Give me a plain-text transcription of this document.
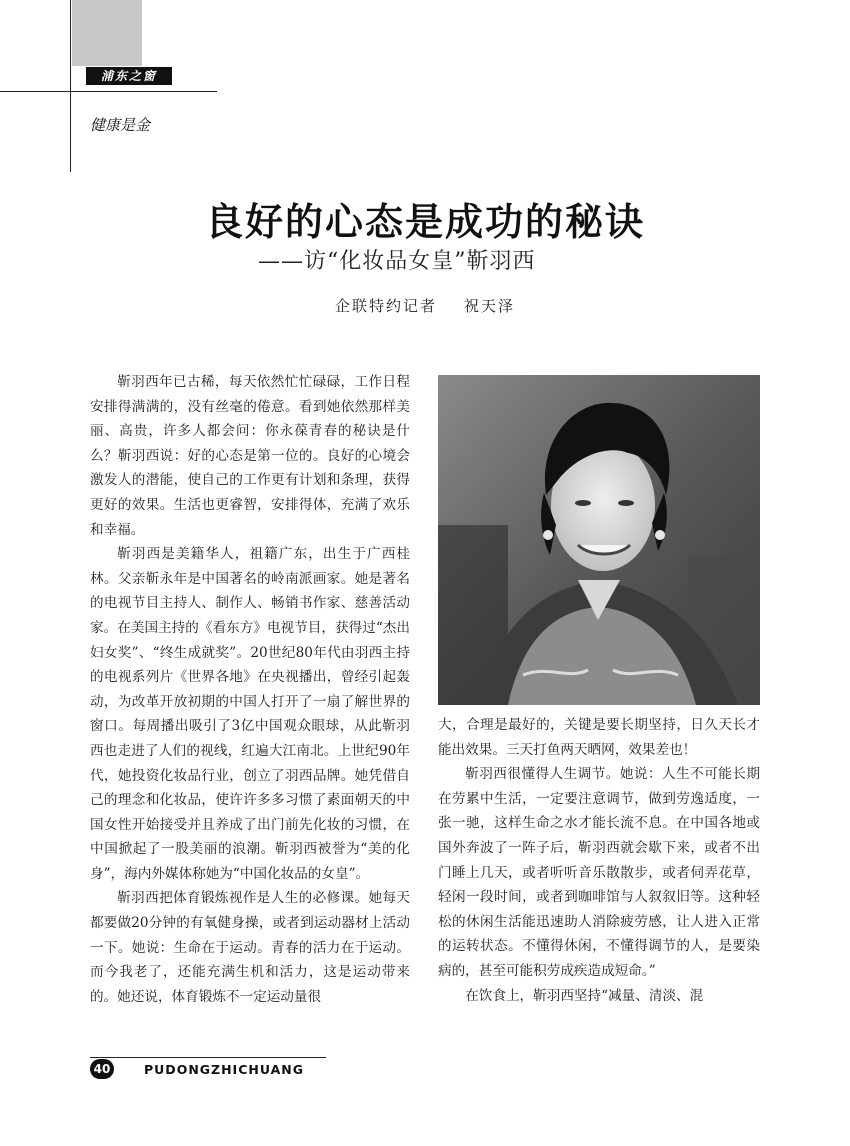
浦东之窗
健康是金
良好的心态是成功的秘诀
——访“化妆品女皇”靳羽西
企联特约记者    祝天泽

靳羽西年已古稀，每天依然忙忙碌碌，工作日程安排得满满的，没有丝毫的倦意。看到她依然那样美丽、高贵，许多人都会问：你永葆青春的秘诀是什么？靳羽西说：好的心态是第一位的。良好的心境会激发人的潜能，使自己的工作更有计划和条理，获得更好的效果。生活也更睿智，安排得体，充满了欢乐和幸福。

靳羽西是美籍华人，祖籍广东，出生于广西桂林。父亲靳永年是中国著名的岭南派画家。她是著名的电视节目主持人、制作人、畅销书作家、慈善活动家。在美国主持的《看东方》电视节目，获得过“杰出妇女奖”、“终生成就奖”。20世纪80年代由羽西主持的电视系列片《世界各地》在央视播出，曾经引起轰动，为改革开放初期的中国人打开了一扇了解世界的窗口。每周播出吸引了3亿中国观众眼球，从此靳羽西也走进了人们的视线，红遍大江南北。上世纪90年代，她投资化妆品行业，创立了羽西品牌。她凭借自己的理念和化妆品，使许许多多习惯了素面朝天的中国女性开始接受并且养成了出门前先化妆的习惯，在中国掀起了一股美丽的浪潮。靳羽西被誉为“美的化身”，海内外媒体称她为“中国化妆品的女皇”。

靳羽西把体育锻炼视作是人生的必修课。她每天都要做20分钟的有氧健身操，或者到运动器材上活动一下。她说：生命在于运动。青春的活力在于运动。而今我老了，还能充满生机和活力，这是运动带来的。她还说，体育锻炼不一定运动量很

大，合理是最好的，关键是要长期坚持，日久天长才能出效果。三天打鱼两天晒网，效果差也！

靳羽西很懂得人生调节。她说：人生不可能长期在劳累中生活，一定要注意调节，做到劳逸适度，一张一驰，这样生命之水才能长流不息。在中国各地或国外奔波了一阵子后，靳羽西就会歇下来，或者不出门睡上几天，或者听听音乐散散步，或者伺弄花草，轻闲一段时间，或者到咖啡馆与人叙叙旧等。这种轻松的休闲生活能迅速助人消除疲劳感，让人进入正常的运转状态。不懂得休闲，不懂得调节的人，是要染病的，甚至可能积劳成疾造成短命。”

在饮食上，靳羽西坚持“减量、清淡、混

40	PUDONGZHICHUANG
